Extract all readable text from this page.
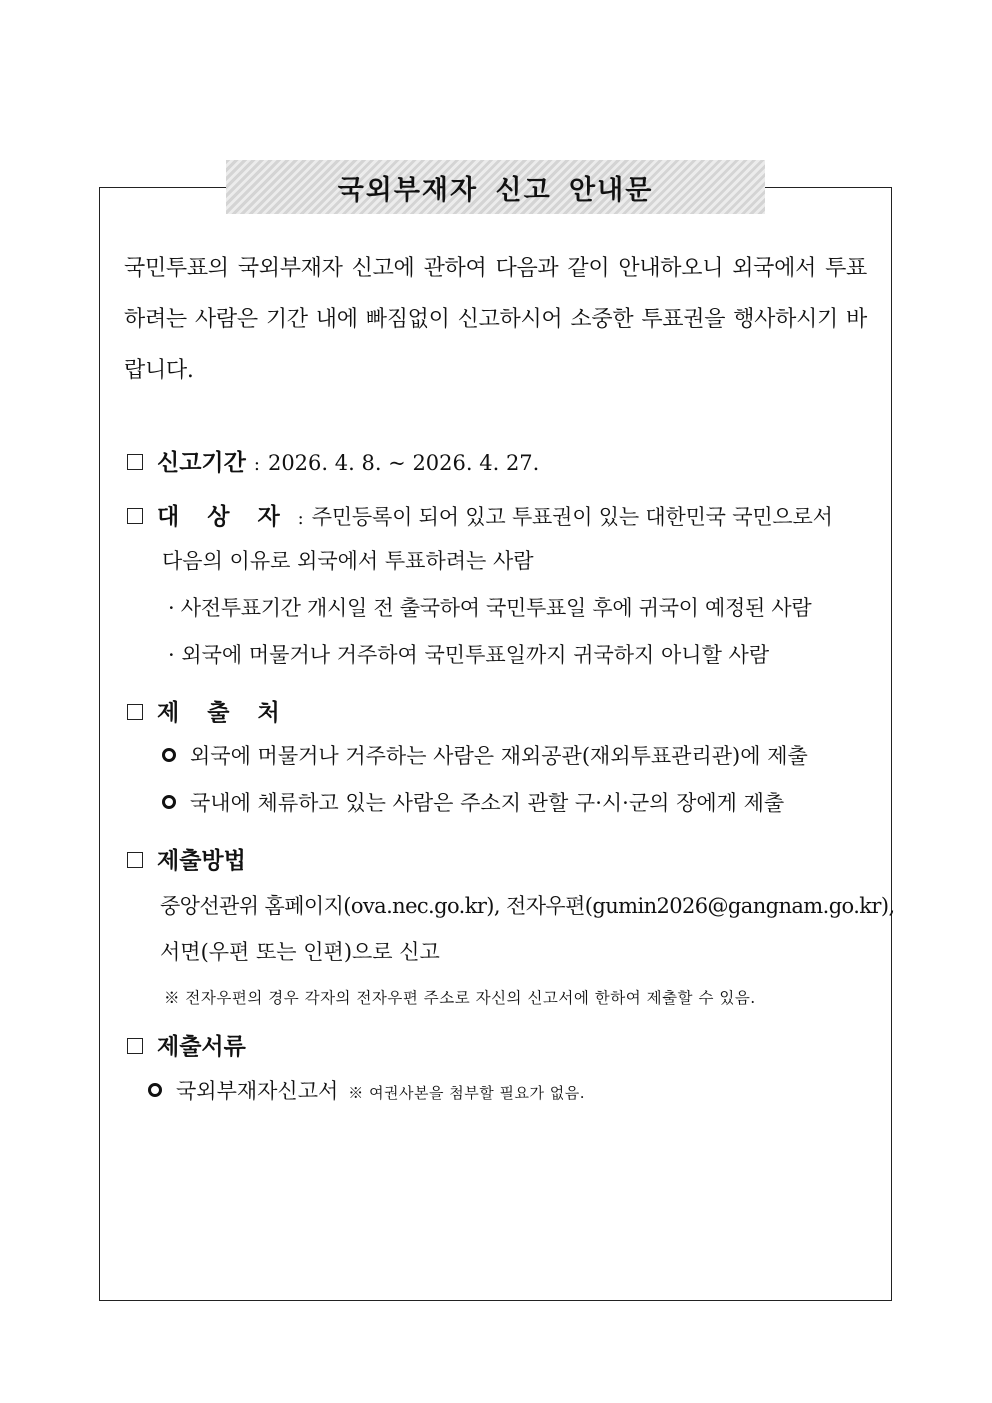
국외부재자 신고 안내문

국민투표의 국외부재자 신고에 관하여 다음과 같이 안내하오니 외국에서 투표하려는 사람은 기간 내에 빠짐없이 신고하시어 소중한 투표권을 행사하시기 바랍니다.

신고기간 : 2026. 4. 8. ~ 2026. 4. 27.
대 상 자 : 주민등록이 되어 있고 투표권이 있는 대한민국 국민으로서
다음의 이유로 외국에서 투표하려는 사람
· 사전투표기간 개시일 전 출국하여 국민투표일 후에 귀국이 예정된 사람
· 외국에 머물거나 거주하여 국민투표일까지 귀국하지 아니할 사람
제 출 처
외국에 머물거나 거주하는 사람은 재외공관(재외투표관리관)에 제출
국내에 체류하고 있는 사람은 주소지 관할 구·시·군의 장에게 제출
제출방법
중앙선관위 홈페이지(ova.nec.go.kr), 전자우편(gumin2026@gangnam.go.kr),
서면(우편 또는 인편)으로 신고
※ 전자우편의 경우 각자의 전자우편 주소로 자신의 신고서에 한하여 제출할 수 있음.
제출서류
국외부재자신고서 ※ 여권사본을 첨부할 필요가 없음.
